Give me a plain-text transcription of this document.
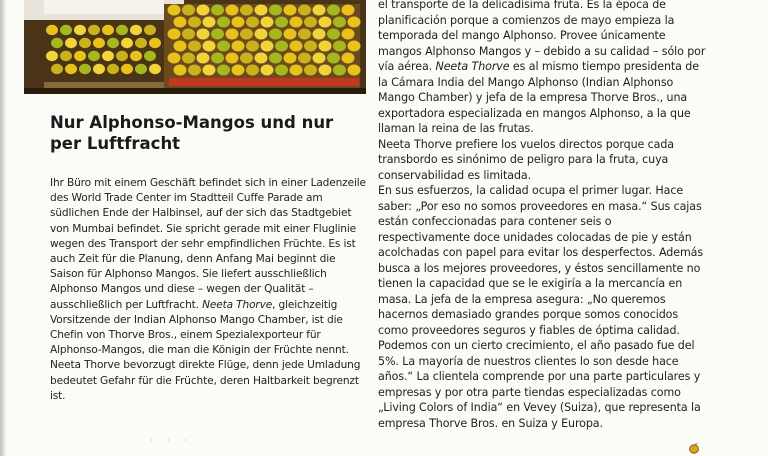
Nur Alphonso-Mangos und nur per Luftfracht

Ihr Büro mit einem Geschäft befindet sich in einer Ladenzeile des World Trade Center im Stadtteil Cuffe Parade am südlichen Ende der Halbinsel, auf der sich das Stadtgebiet von Mumbai befindet. Sie spricht gerade mit einer Fluglinie wegen des Transport der sehr empfindlichen Früchte. Es ist auch Zeit für die Planung, denn Anfang Mai beginnt die Saison für Alphonso Mangos. Sie liefert ausschließlich Alphonso Mangos und diese – wegen der Qualität – ausschließlich per Luftfracht. Neeta Thorve, gleichzeitig Vorsitzende der Indian Alphonso Mango Chamber, ist die Chefin von Thorve Bros., einem Spezialexporteur für Alphonso-Mangos, die man die Königin der Früchte nennt.

Neeta Thorve bevorzugt direkte Flüge, denn jede Umladung bedeutet Gefahr für die Früchte, deren Haltbarkeit begrenzt ist.

el transporte de la delicadísima fruta. Es la época de planificación porque a comienzos de mayo empieza la temporada del mango Alphonso. Provee únicamente mangos Alphonso Mangos y – debido a su calidad – sólo por vía aérea. Neeta Thorve es al mismo tiempo presidenta de la Cámara India del Mango Alphonso (Indian Alphonso Mango Chamber) y jefa de la empresa Thorve Bros., una exportadora especializada en mangos Alphonso, a la que llaman la reina de las frutas.

Neeta Thorve prefiere los vuelos directos porque cada transbordo es sinónimo de peligro para la fruta, cuya conservabilidad es limitada.

En sus esfuerzos, la calidad ocupa el primer lugar. Hace saber: „Por eso no somos proveedores en masa.“ Sus cajas están confeccionadas para contener seis o respectivamente doce unidades colocadas de pie y están acolchadas con papel para evitar los desperfectos. Además busca a los mejores proveedores, y éstos sencillamente no tienen la capacidad que se le exigiría a la mercancía en masa. La jefa de la empresa asegura: „No queremos hacernos demasiado grandes porque somos conocidos como proveedores seguros y fiables de óptima calidad. Podemos con un cierto crecimiento, el año pasado fue del 5%. La mayoría de nuestros clientes lo son desde hace años.“ La clientela comprende por una parte particulares y empresas y por otra parte tiendas especializadas como „Living Colors of India“ en Vevey (Suiza), que representa la empresa Thorve Bros. en Suiza y Europa.

· · ·
